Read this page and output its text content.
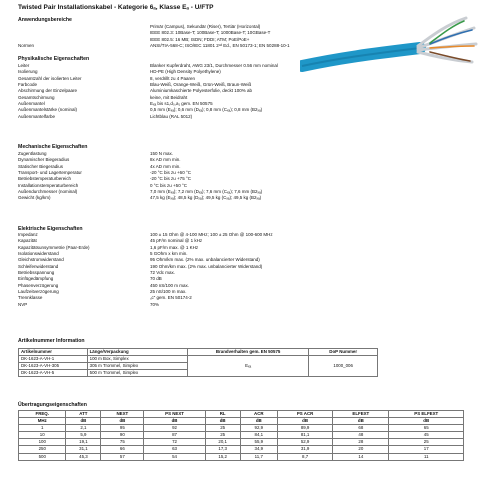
Twisted Pair Installationskabel - Kategorie 6ₐ, Klasse Eₐ - U/FTP
Anwendungsbereiche
Primär (Campus), Sekundär (Riser), Tertiär (Horizontal)
IEEE 802.3: 10Base-T; 100Base-T; 1000Base-T; 10GBase-T
IEEE 802.5: 16 MB; ISDN; FDDI; ATM; PoE/PoE+
Normen	ANSI/TIA-568-C; ISO/IEC 11801 2ⁿᵈ Ed., EN 50173-1; EN 50288-10-1
Physikalische Eigenschaften
Leiter	Blanker Kupferdraht, AWG 23/1, Durchmesser 0.56 mm nominal
Isolierung	HD-PE (High Density Polyethylene)
Gesamtzahl der isolierten Leiter	8, verdrillt zu 4 Paaren
Farbcode	Blau-Weiß, Orange-Weiß, Grün-Weiß, Braun-Weiß
Abschirmung der Einzelpaare	Aluminiumkaschierte Polyesterfolie, deckt 100% ab
Gesamtschirmung	keine, mit Beidraht
Außenmantel	Eₓₐ bis s1,d₀,a₁ gem. EN 50575
Außenmantelstärke (nominal)	0,5 mm (Eₓₐ); 0,6 mm (Dₓₐ); 0,8 mm (Cₓₐ); 0,8 mm (B2ₓₐ)
Außenmantelfarbe	Lichtblau (RAL 5012)
Mechanische Eigenschaften
Zugentlastung	150 N max.
Dynamischer Biegeradius	8x AD mm min.
Statischer Biegeradius	4x AD mm min.
Transport- und Lagertemperatur	-20 °C bis zu +60 °C
Betriebstemperaturbereich	-20 °C bis zu +75 °C
Installationstemperaturbereich	0 °C bis zu +50 °C
Außendurchmesser (nominal)	7,0 mm (Eₓₐ); 7,2 mm (Dₓₐ); 7,6 mm (Cₓₐ); 7,6 mm (B2ₓₐ)
Gewicht (kg/km)	47,5 kg (Eₓₐ); 48,5 kg (Dₓₐ); 49,5 kg (Cₓₐ); 49,5 kg (B2ₓₐ)
Elektrische Eigenschaften
Impedanz	100 ± 15 Ohm @ 4-100 MHz; 100 ± 25 Ohm @ 100-600 MHz
Kapazität	45 pF/m nominal @ 1 kHz
Kapazitätsunsymmetrie (Paar-Erde)	1,6 pF/m max. @ 1 KHz
Isolationswiderstand	5 GOhm x km min.
Gleichstromwiderstand	95 Ohm/km max. (2% max. unbalancierter Widerstand)
Schleifenwiderstand	190 Ohm/km max. (2% max. unbalancierter Widerstand)
Betriebsspannung	72 Vdc max.
Einfügedämpfung	70 dB
Phasenverzögerung	450 nS/100 m max.
Laufzeitverzögerung	25 nS/100 m max.
Trennklasse	„c“ gem. EN 50174-2
NVP	70%
Artikelnummer Information
Artikelnummer	Länge/Verpackung	Brandverhalten gem. EN 50575	DoP Nummer
DK-1623-A-VH-1	100 m Box, Simplex	Eₓₐ	1000_006
DK-1623-A-VH-305	305 m Trommel, Simplex		
DK-1623-A-VH-5	500 m Trommel, Simplex		
Übertragungseigenschaften
FREQ.	ATT	NEXT	PS NEXT	RL	ACR	PS ACR	ELFEXT	PS ELFEXT
MHz	dB	dB	dB	dB	dB	dB	dB	dB
1	2,1	95	92	25	92,9	89,9	68	65
10	5,9	90	87	25	84,1	81,1	48	45
100	19,1	75	72	20,1	55,9	52,9	28	25
250	31,1	66	63	17,3	34,9	31,9	20	17
500	45,3	57	54	15,2	11,7	8,7	14	11
